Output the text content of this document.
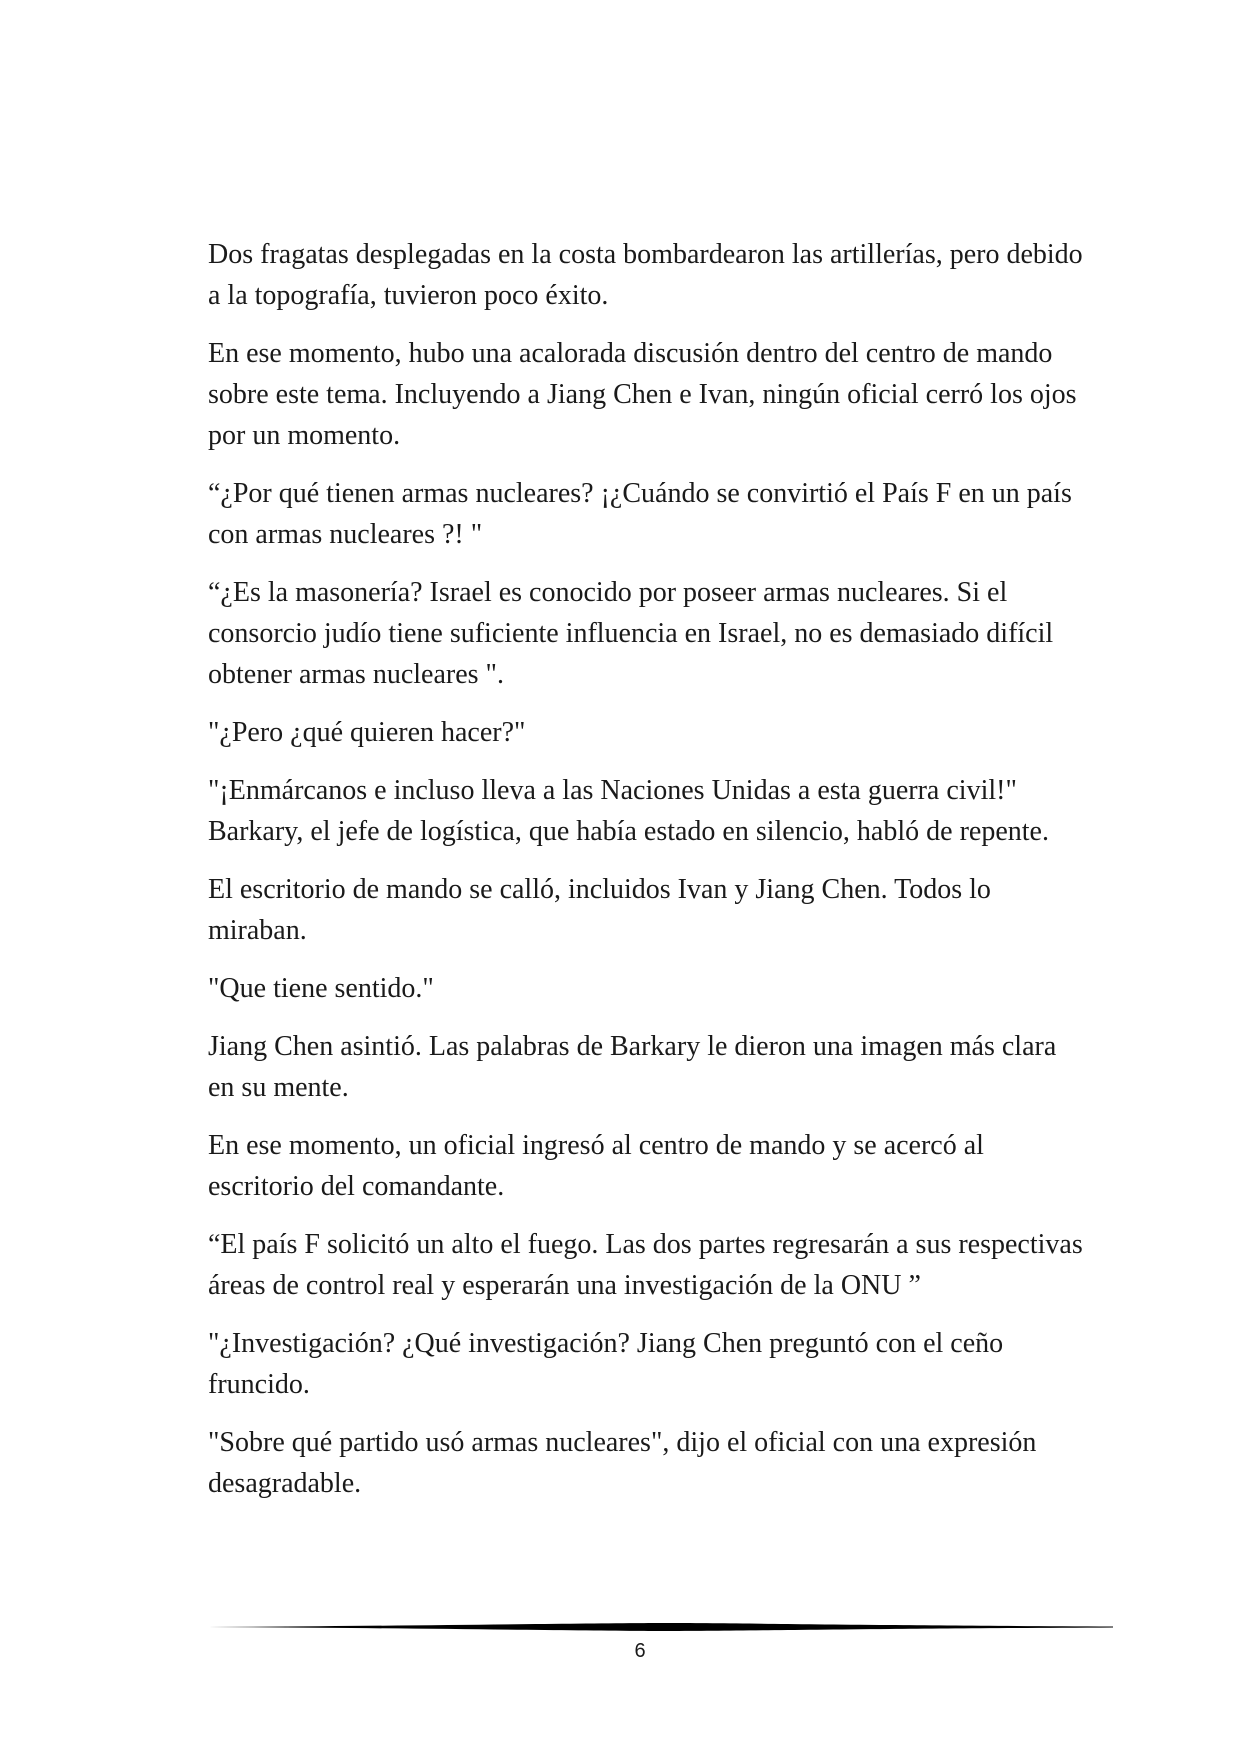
Dos fragatas desplegadas en la costa bombardearon las artillerías, pero debido a la topografía, tuvieron poco éxito.

En ese momento, hubo una acalorada discusión dentro del centro de mando sobre este tema. Incluyendo a Jiang Chen e Ivan, ningún oficial cerró los ojos por un momento.

“¿Por qué tienen armas nucleares? ¡¿Cuándo se convirtió el País F en un país con armas nucleares ?! "

“¿Es la masonería? Israel es conocido por poseer armas nucleares. Si el consorcio judío tiene suficiente influencia en Israel, no es demasiado difícil obtener armas nucleares ".

"¿Pero ¿qué quieren hacer?"

"¡Enmárcanos e incluso lleva a las Naciones Unidas a esta guerra civil!" Barkary, el jefe de logística, que había estado en silencio, habló de repente.

El escritorio de mando se calló, incluidos Ivan y Jiang Chen. Todos lo miraban.

"Que tiene sentido."

Jiang Chen asintió. Las palabras de Barkary le dieron una imagen más clara en su mente.

En ese momento, un oficial ingresó al centro de mando y se acercó al escritorio del comandante.

“El país F solicitó un alto el fuego. Las dos partes regresarán a sus respectivas áreas de control real y esperarán una investigación de la ONU ”

"¿Investigación? ¿Qué investigación? Jiang Chen preguntó con el ceño fruncido.

"Sobre qué partido usó armas nucleares", dijo el oficial con una expresión desagradable.

6
